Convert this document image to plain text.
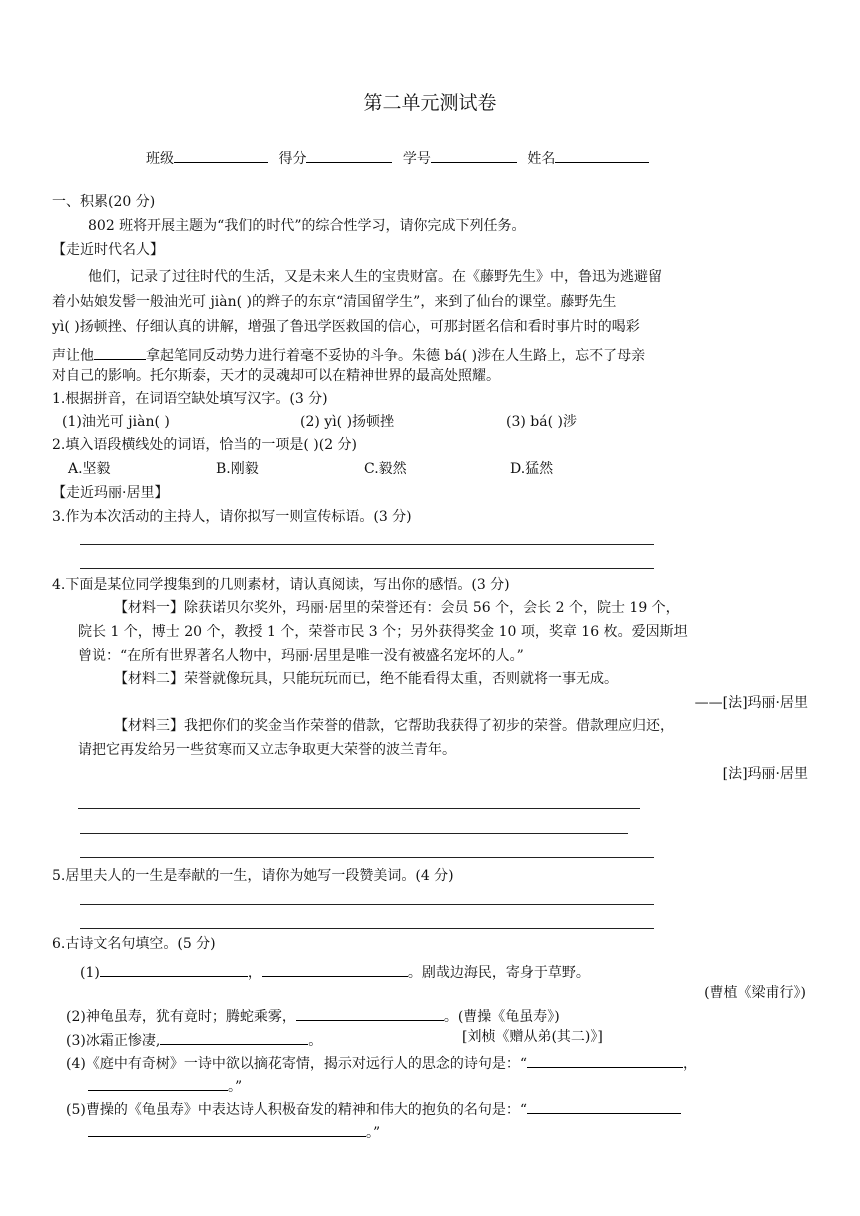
第二单元测试卷
班级	得分	学号	姓名
一、积累(20 分)
802 班将开展主题为“我们的时代”的综合性学习，请你完成下列任务。
【走近时代名人】
他们，记录了过往时代的生活，又是未来人生的宝贵财富。在《藤野先生》中，鲁迅为逃避留
着小姑娘发髻一般油光可 jiàn( )的辫子的东京“清国留学生”，来到了仙台的课堂。藤野先生
yì( )扬顿挫、仔细认真的讲解，增强了鲁迅学医救国的信心，可那封匿名信和看时事片时的喝彩
声让他	拿起笔同反动势力进行着毫不妥协的斗争。朱德 bá( )涉在人生路上，忘不了母亲
对自己的影响。托尔斯泰，天才的灵魂却可以在精神世界的最高处照耀。
1.根据拼音，在词语空缺处填写汉字。(3 分)
(1)油光可 jiàn( )	(2) yì( )扬顿挫	(3) bá( )涉
2.填入语段横线处的词语，恰当的一项是( )(2 分)
A.坚毅	B.刚毅	C.毅然	D.猛然
【走近玛丽·居里】
3.作为本次活动的主持人，请你拟写一则宣传标语。(3 分)
4.下面是某位同学搜集到的几则素材，请认真阅读，写出你的感悟。(3 分)
【材料一】除获诺贝尔奖外，玛丽·居里的荣誉还有：会员 56 个，会长 2 个，院士 19 个，
院长 1 个，博士 20 个，教授 1 个，荣誉市民 3 个；另外获得奖金 10 项，奖章 16 枚。爱因斯坦
曾说：“在所有世界著名人物中，玛丽·居里是唯一没有被盛名宠坏的人。”
【材料二】荣誉就像玩具，只能玩玩而已，绝不能看得太重，否则就将一事无成。
——[法]玛丽·居里
【材料三】我把你们的奖金当作荣誉的借款，它帮助我获得了初步的荣誉。借款理应归还，
请把它再发给另一些贫寒而又立志争取更大荣誉的波兰青年。
[法]玛丽·居里
5.居里夫人的一生是奉献的一生，请你为她写一段赞美词。(4 分)
6.古诗文名句填空。(5 分)
(1)	，	。剧哉边海民，寄身于草野。
(曹植《梁甫行》)
(2)神龟虽寿，犹有竟时；腾蛇乘雾，	。(曹操《龟虽寿》)
(3)冰霜正惨凄,	。	[刘桢《赠从弟(其二)》]
(4)《庭中有奇树》一诗中欲以摘花寄情，揭示对远行人的思念的诗句是：“	，
。”
(5)曹操的《龟虽寿》中表达诗人积极奋发的精神和伟大的抱负的名句是：“
。”
